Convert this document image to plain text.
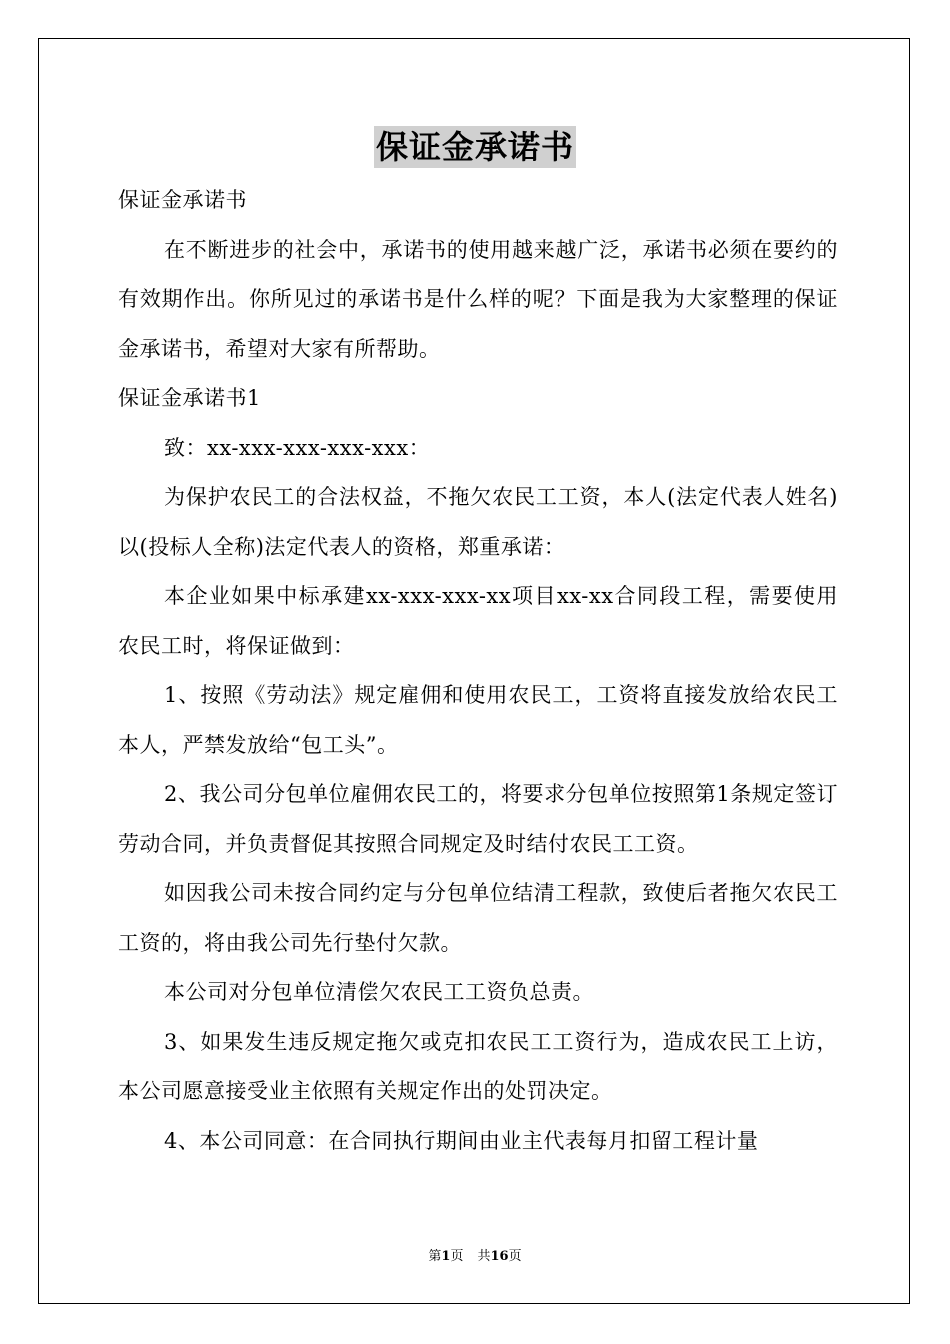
保证金承诺书

保证金承诺书

在不断进步的社会中，承诺书的使用越来越广泛，承诺书必须在要约的有效期作出。你所见过的承诺书是什么样的呢？下面是我为大家整理的保证金承诺书，希望对大家有所帮助。

保证金承诺书1

致：xx-xxx-xxx-xxx-xxx：

为保护农民工的合法权益，不拖欠农民工工资，本人(法定代表人姓名)以(投标人全称)法定代表人的资格，郑重承诺：

本企业如果中标承建xx-xxx-xxx-xx项目xx-xx合同段工程，需要使用农民工时，将保证做到：

1、按照《劳动法》规定雇佣和使用农民工，工资将直接发放给农民工本人，严禁发放给“包工头”。

2、我公司分包单位雇佣农民工的，将要求分包单位按照第1条规定签订劳动合同，并负责督促其按照合同规定及时结付农民工工资。

如因我公司未按合同约定与分包单位结清工程款，致使后者拖欠农民工工资的，将由我公司先行垫付欠款。

本公司对分包单位清偿欠农民工工资负总责。

3、如果发生违反规定拖欠或克扣农民工工资行为，造成农民工上访，本公司愿意接受业主依照有关规定作出的处罚决定。

4、本公司同意：在合同执行期间由业主代表每月扣留工程计量

第1页 共16页
